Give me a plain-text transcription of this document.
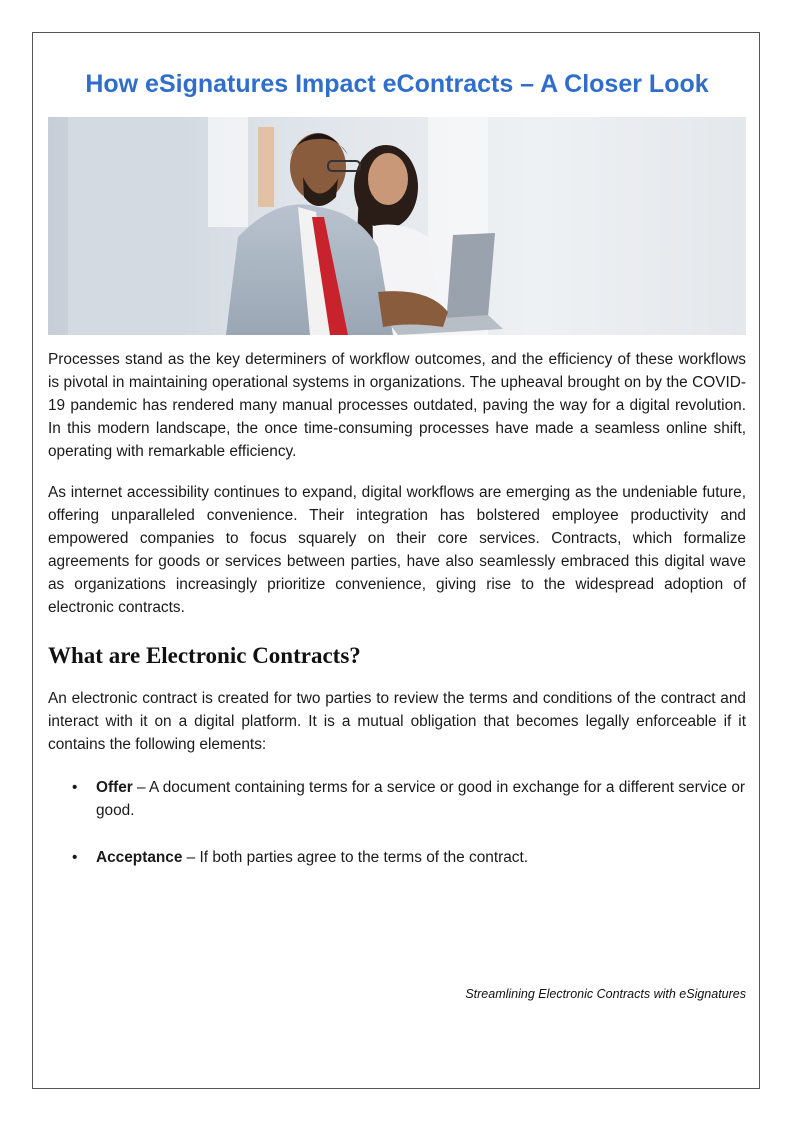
How eSignatures Impact eContracts – A Closer Look

Processes stand as the key determiners of workflow outcomes, and the efficiency of these workflows is pivotal in maintaining operational systems in organizations. The upheaval brought on by the COVID-19 pandemic has rendered many manual processes outdated, paving the way for a digital revolution. In this modern landscape, the once time-consuming processes have made a seamless online shift, operating with remarkable efficiency.

As internet accessibility continues to expand, digital workflows are emerging as the undeniable future, offering unparalleled convenience. Their integration has bolstered employee productivity and empowered companies to focus squarely on their core services. Contracts, which formalize agreements for goods or services between parties, have also seamlessly embraced this digital wave as organizations increasingly prioritize convenience, giving rise to the widespread adoption of electronic contracts.

What are Electronic Contracts?

An electronic contract is created for two parties to review the terms and conditions of the contract and interact with it on a digital platform. It is a mutual obligation that becomes legally enforceable if it contains the following elements:

• Offer – A document containing terms for a service or good in exchange for a different service or good.
• Acceptance – If both parties agree to the terms of the contract.
Streamlining Electronic Contracts with eSignatures
